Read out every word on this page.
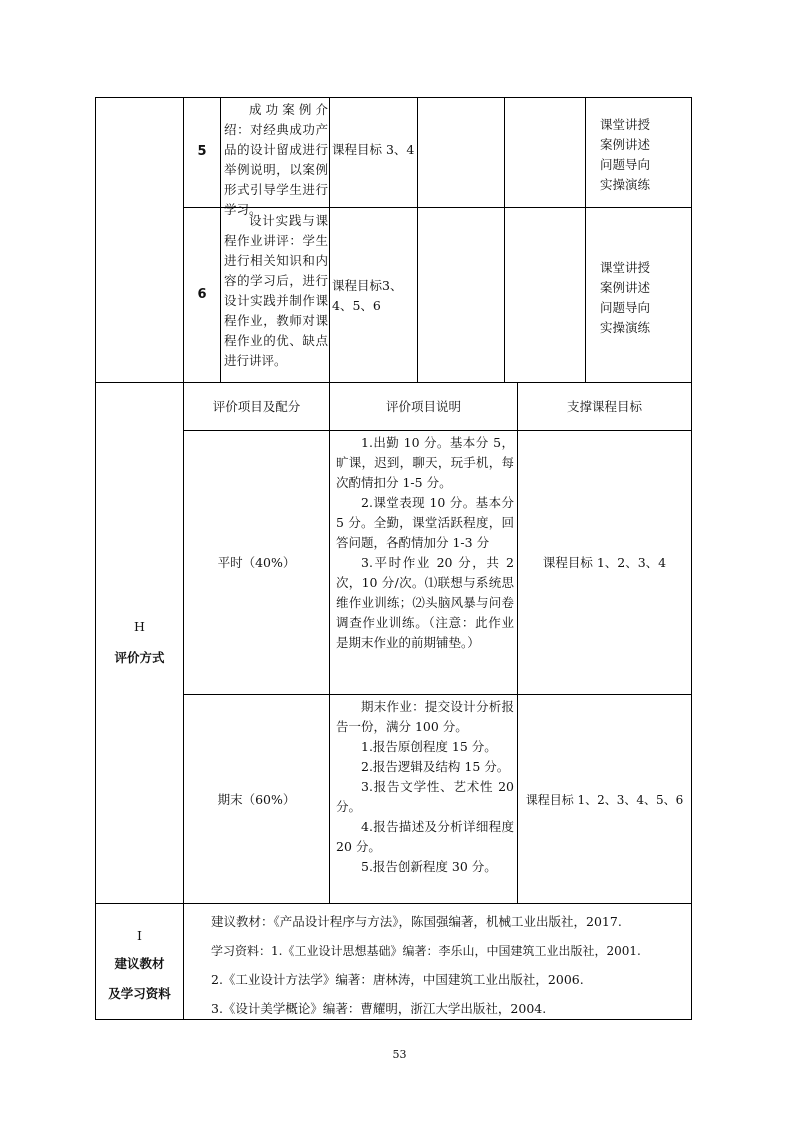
5

成功案例介绍：对经典成功产品的设计留成进行举例说明，以案例形式引导学生进行学习。

课程目标 3、4
课堂讲授
案例讲述
问题导向
实操演练
6

设计实践与课程作业讲评：学生进行相关知识和内容的学习后，进行设计实践并制作课程作业，教师对课程作业的优、缺点进行讲评。

课程目标3、4、5、6
课堂讲授
案例讲述
问题导向
实操演练
H
评价方式
评价项目及配分	评价项目说明	支撑课程目标
平时（40%）

1.出勤 10 分。基本分 5，旷课，迟到，聊天，玩手机，每次酌情扣分 1-5 分。

2.课堂表现 10 分。基本分 5 分。全勤，课堂活跃程度，回答问题，各酌情加分 1-3 分

3.平时作业 20 分，共 2 次，10 分/次。⑴联想与系统思维作业训练；⑵头脑风暴与问卷调查作业训练。（注意：此作业是期末作业的前期铺垫。）

课程目标 1、2、3、4
期末（60%）

期末作业：提交设计分析报告一份，满分 100 分。

1.报告原创程度 15 分。

2.报告逻辑及结构 15 分。

3.报告文学性、艺术性 20 分。

4.报告描述及分析详细程度 20 分。

5.报告创新程度 30 分。

课程目标 1、2、3、4、5、6
I
建议教材
及学习资料
建议教材：《产品设计程序与方法》，陈国强编著，机械工业出版社，2017.
学习资料：1.《工业设计思想基础》编著：李乐山，中国建筑工业出版社，2001.
2.《工业设计方法学》编著：唐林涛，中国建筑工业出版社，2006.
3.《设计美学概论》编著：曹耀明，浙江大学出版社，2004.
53
